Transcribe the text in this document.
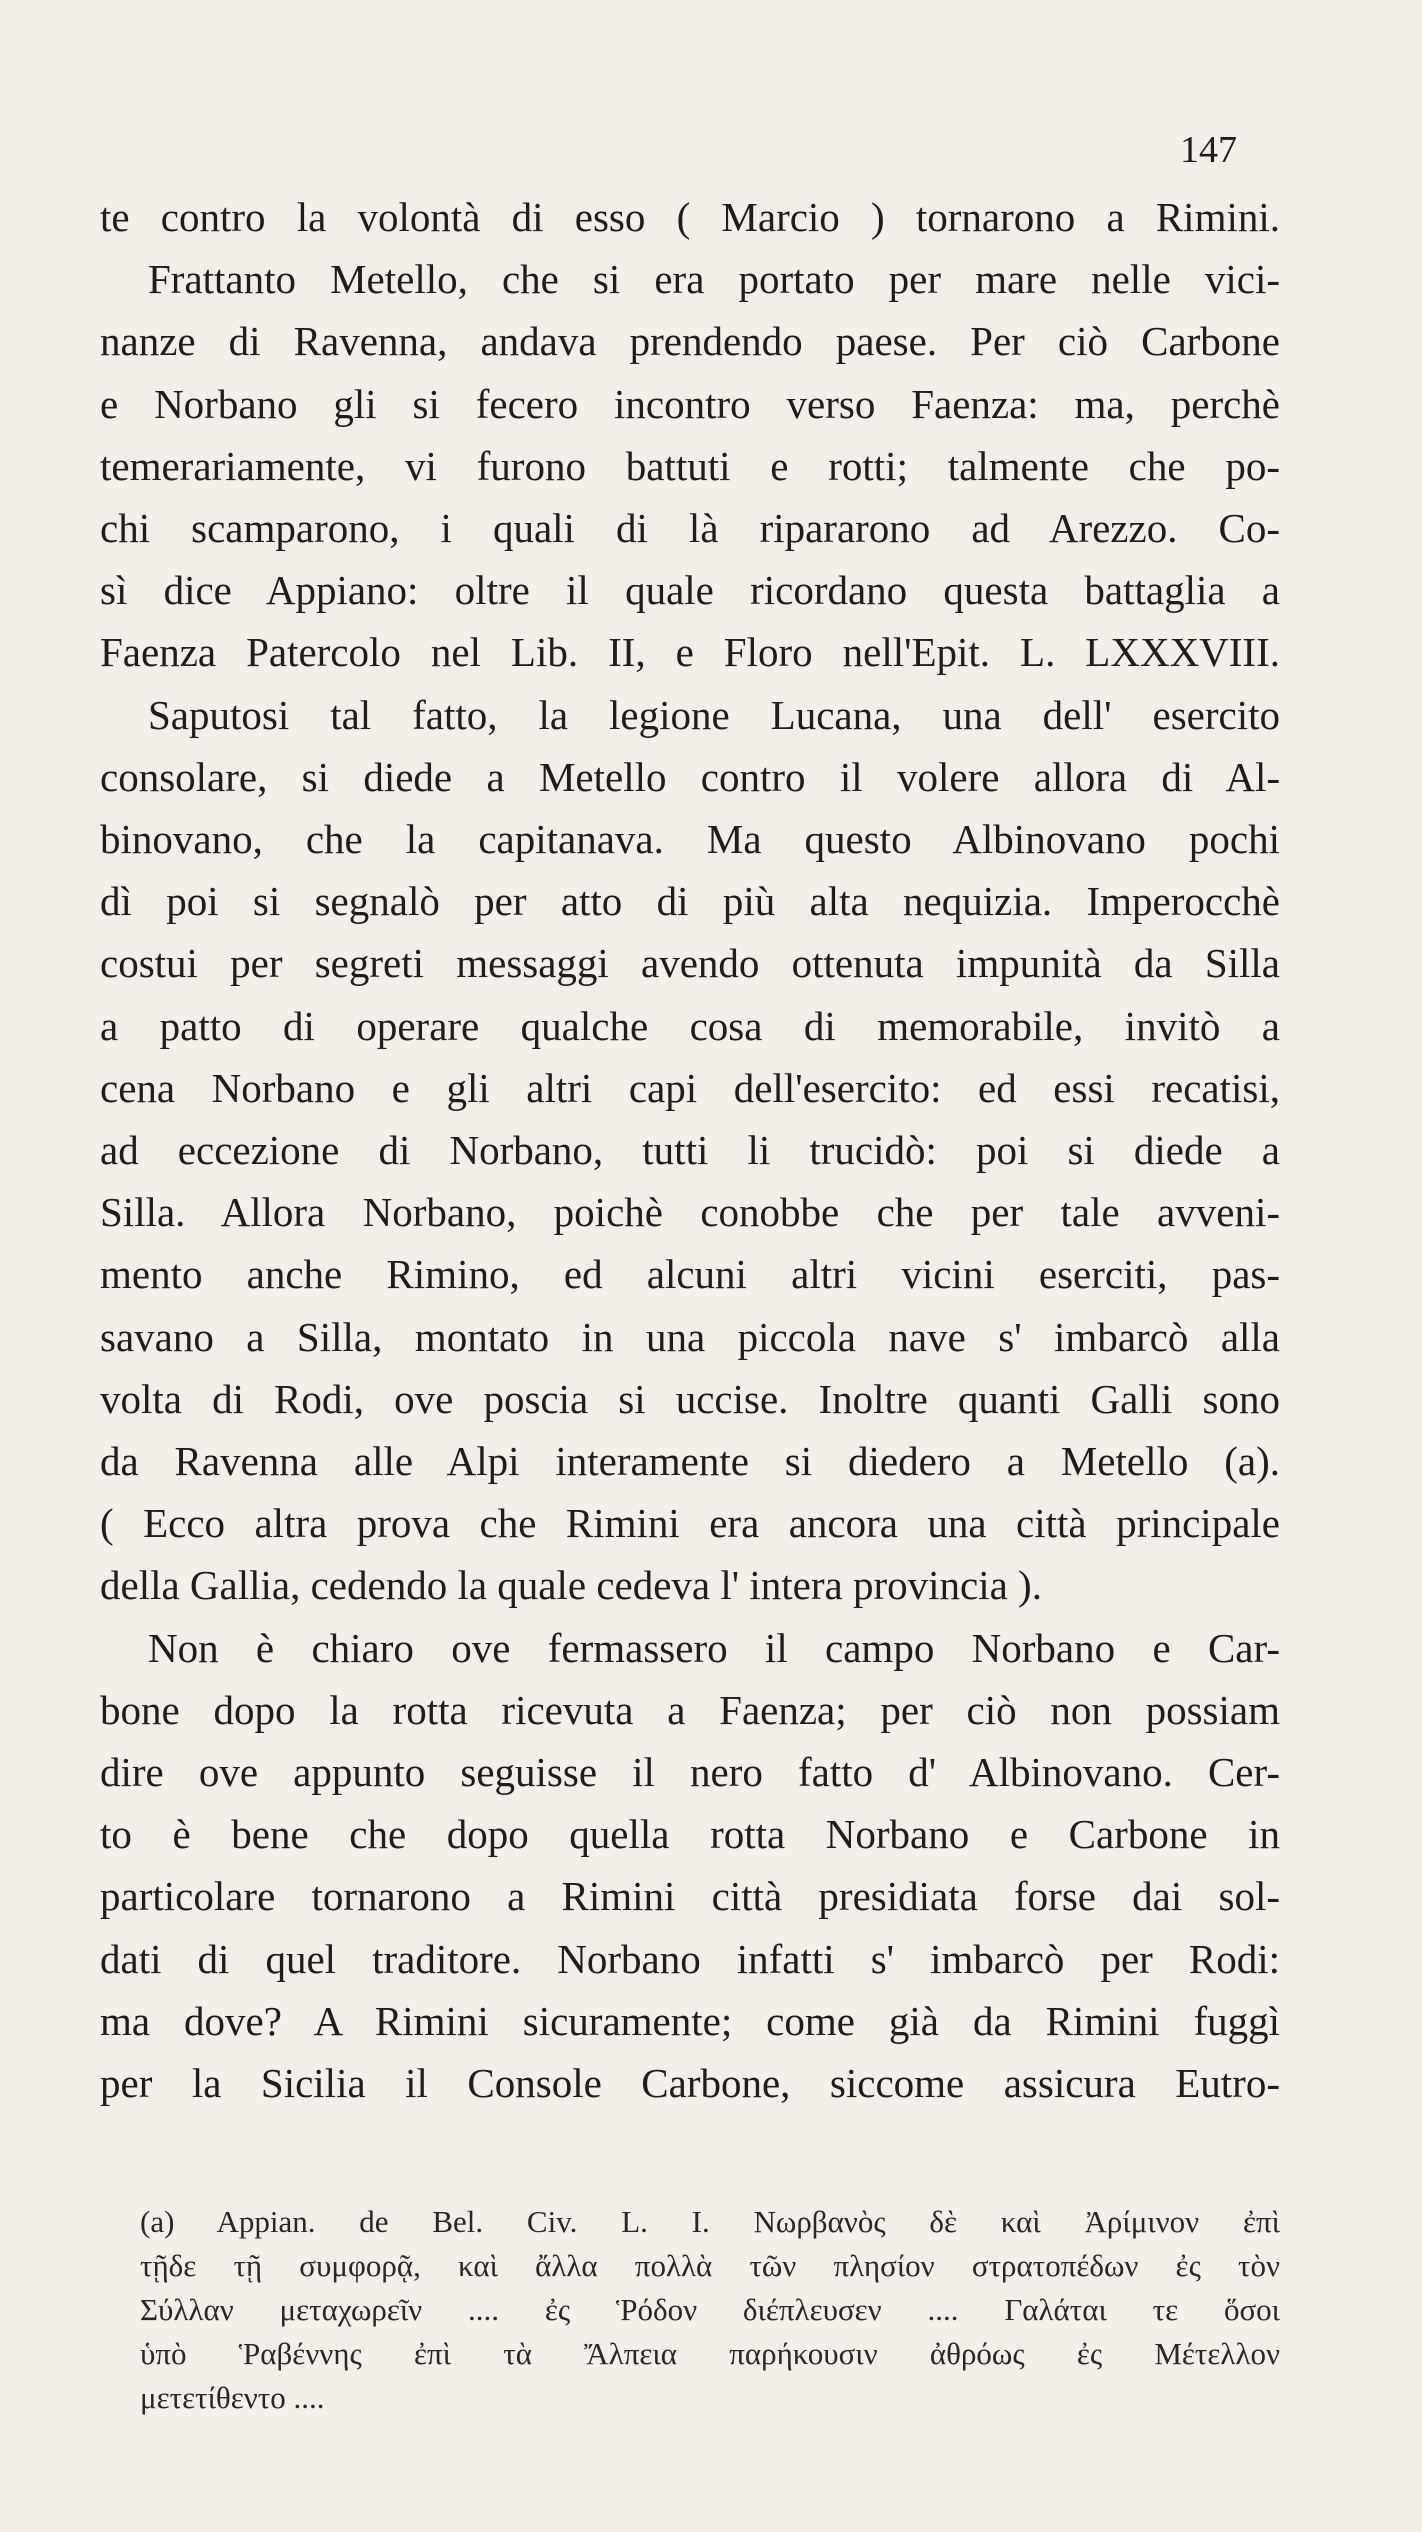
147
te contro la volontà di esso ( Marcio ) tornarono a Rimini.
Frattanto Metello, che si era portato per mare nelle vici-
nanze di Ravenna, andava prendendo paese. Per ciò Carbone
e Norbano gli si fecero incontro verso Faenza: ma, perchè
temerariamente, vi furono battuti e rotti; talmente che po-
chi scamparono, i quali di là ripararono ad Arezzo. Co-
sì dice Appiano: oltre il quale ricordano questa battaglia a
Faenza Patercolo nel Lib. II, e Floro nell'Epit. L. LXXXVIII.
Saputosi tal fatto, la legione Lucana, una dell' esercito
consolare, si diede a Metello contro il volere allora di Al-
binovano, che la capitanava. Ma questo Albinovano pochi
dì poi si segnalò per atto di più alta nequizia. Imperocchè
costui per segreti messaggi avendo ottenuta impunità da Silla
a patto di operare qualche cosa di memorabile, invitò a
cena Norbano e gli altri capi dell'esercito: ed essi recatisi,
ad eccezione di Norbano, tutti li trucidò: poi si diede a
Silla. Allora Norbano, poichè conobbe che per tale avveni-
mento anche Rimino, ed alcuni altri vicini eserciti, pas-
savano a Silla, montato in una piccola nave s' imbarcò alla
volta di Rodi, ove poscia si uccise. Inoltre quanti Galli sono
da Ravenna alle Alpi interamente si diedero a Metello (a).
( Ecco altra prova che Rimini era ancora una città principale
della Gallia, cedendo la quale cedeva l' intera provincia ).
Non è chiaro ove fermassero il campo Norbano e Car-
bone dopo la rotta ricevuta a Faenza; per ciò non possiam
dire ove appunto seguisse il nero fatto d' Albinovano. Cer-
to è bene che dopo quella rotta Norbano e Carbone in
particolare tornarono a Rimini città presidiata forse dai sol-
dati di quel traditore. Norbano infatti s' imbarcò per Rodi:
ma dove? A Rimini sicuramente; come già da Rimini fuggì
per la Sicilia il Console Carbone, siccome assicura Eutro-
(a) Appian. de Bel. Civ. L. I. Νωρβανὸς δὲ καὶ Ἀρίμινον ἐπὶ
τῇδε τῇ συμφορᾷ, καὶ ἄλλα πολλὰ τῶν πλησίον στρατοπέδων ἐς τὸν
Σύλλαν μεταχωρεῖν .... ἐς Ῥόδον διέπλευσεν .... Γαλάται τε ὅσοι
ὑπὸ Ῥαβέννης ἐπὶ τὰ Ἄλπεια παρήκουσιν ἀθρόως ἐς Μέτελλον
μετετίθεντο ....
